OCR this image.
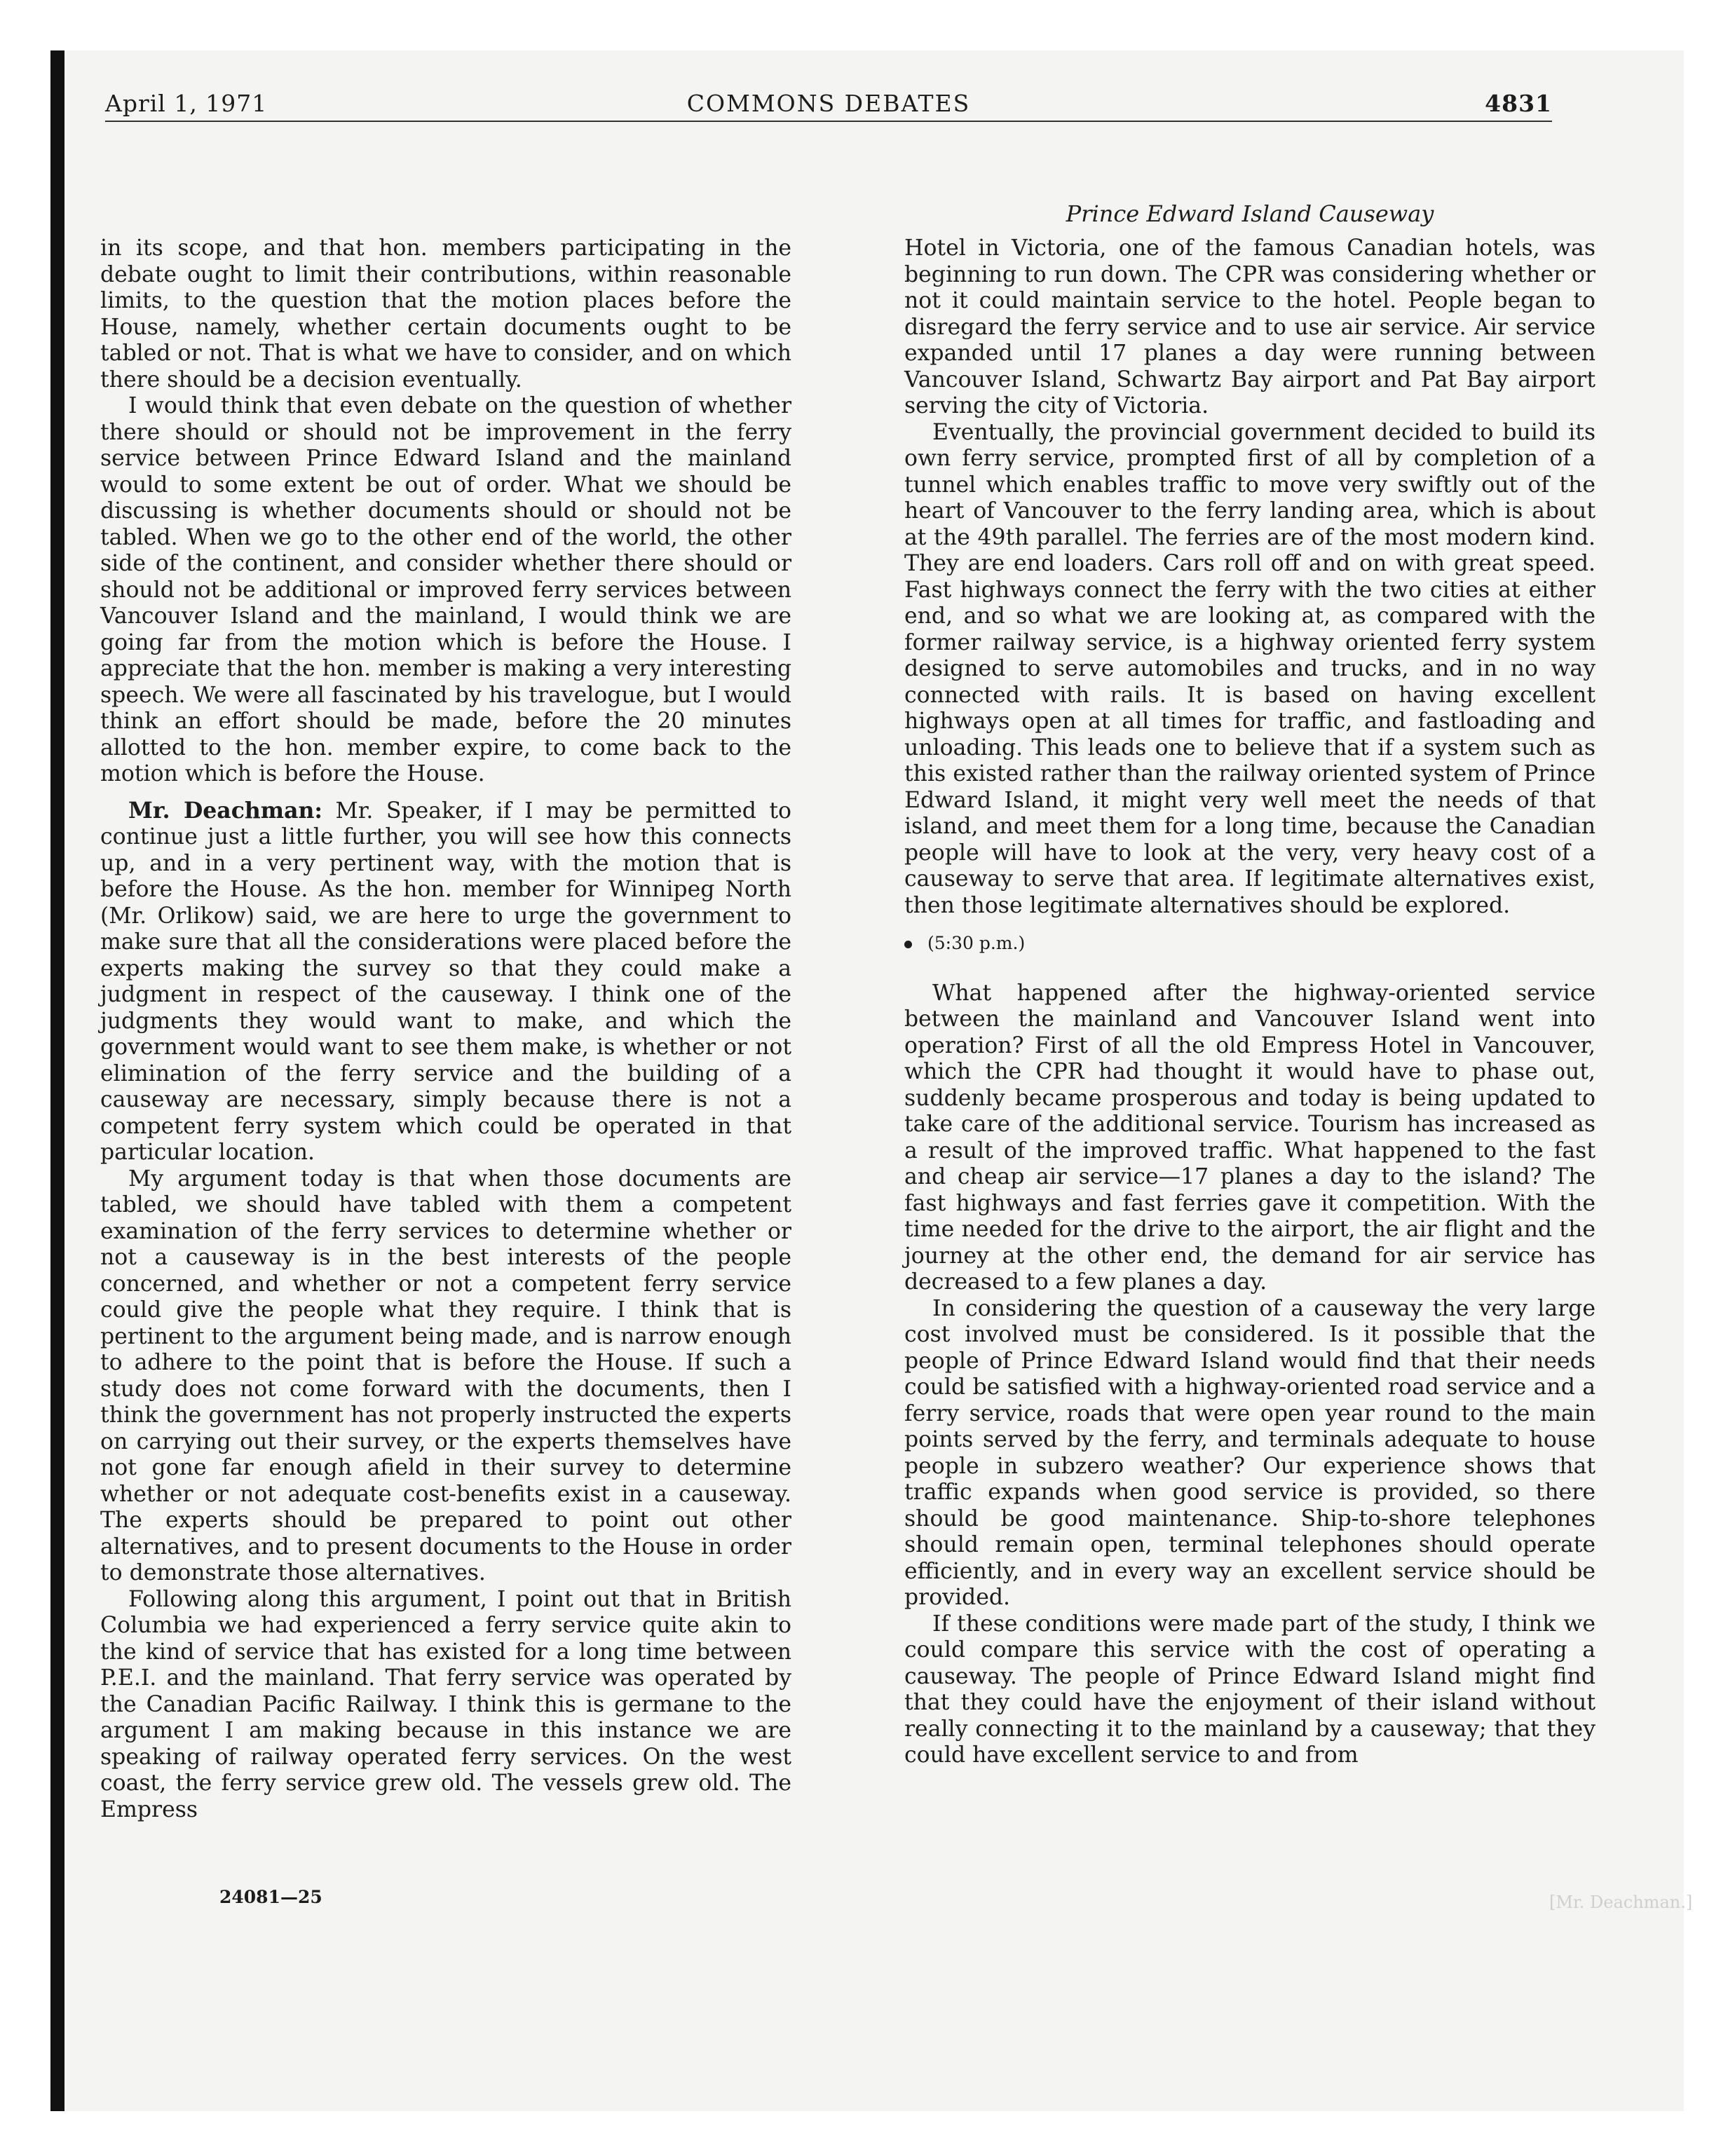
April 1, 1971	COMMONS DEBATES	4831
Prince Edward Island Causeway

in its scope, and that hon. members participating in the debate ought to limit their contributions, within reasonable limits, to the question that the motion places before the House, namely, whether certain documents ought to be tabled or not. That is what we have to consider, and on which there should be a decision eventually.

I would think that even debate on the question of whether there should or should not be improvement in the ferry service between Prince Edward Island and the mainland would to some extent be out of order. What we should be discussing is whether documents should or should not be tabled. When we go to the other end of the world, the other side of the continent, and consider whether there should or should not be additional or improved ferry services between Vancouver Island and the mainland, I would think we are going far from the motion which is before the House. I appreciate that the hon. member is making a very interesting speech. We were all fascinated by his travelogue, but I would think an effort should be made, before the 20 minutes allotted to the hon. member expire, to come back to the motion which is before the House.

Mr. Deachman: Mr. Speaker, if I may be permitted to continue just a little further, you will see how this connects up, and in a very pertinent way, with the motion that is before the House. As the hon. member for Winnipeg North (Mr. Orlikow) said, we are here to urge the government to make sure that all the considerations were placed before the experts making the survey so that they could make a judgment in respect of the causeway. I think one of the judgments they would want to make, and which the government would want to see them make, is whether or not elimination of the ferry service and the building of a causeway are necessary, simply because there is not a competent ferry system which could be operated in that particular location.

My argument today is that when those documents are tabled, we should have tabled with them a competent examination of the ferry services to determine whether or not a causeway is in the best interests of the people concerned, and whether or not a competent ferry service could give the people what they require. I think that is pertinent to the argument being made, and is narrow enough to adhere to the point that is before the House. If such a study does not come forward with the documents, then I think the government has not properly instructed the experts on carrying out their survey, or the experts themselves have not gone far enough afield in their survey to determine whether or not adequate cost-benefits exist in a causeway. The experts should be prepared to point out other alternatives, and to present documents to the House in order to demonstrate those alternatives.

Following along this argument, I point out that in British Columbia we had experienced a ferry service quite akin to the kind of service that has existed for a long time between P.E.I. and the mainland. That ferry service was operated by the Canadian Pacific Railway. I think this is germane to the argument I am making because in this instance we are speaking of railway operated ferry services. On the west coast, the ferry service grew old. The vessels grew old. The Empress

Hotel in Victoria, one of the famous Canadian hotels, was beginning to run down. The CPR was considering whether or not it could maintain service to the hotel. People began to disregard the ferry service and to use air service. Air service expanded until 17 planes a day were running between Vancouver Island, Schwartz Bay airport and Pat Bay airport serving the city of Victoria.

Eventually, the provincial government decided to build its own ferry service, prompted first of all by completion of a tunnel which enables traffic to move very swiftly out of the heart of Vancouver to the ferry landing area, which is about at the 49th parallel. The ferries are of the most modern kind. They are end loaders. Cars roll off and on with great speed. Fast highways connect the ferry with the two cities at either end, and so what we are looking at, as compared with the former railway service, is a highway oriented ferry system designed to serve automobiles and trucks, and in no way connected with rails. It is based on having excellent highways open at all times for traffic, and fastloading and unloading. This leads one to believe that if a system such as this existed rather than the railway oriented system of Prince Edward Island, it might very well meet the needs of that island, and meet them for a long time, because the Canadian people will have to look at the very, very heavy cost of a causeway to serve that area. If legitimate alternatives exist, then those legitimate alternatives should be explored.

(5:30 p.m.)

What happened after the highway-oriented service between the mainland and Vancouver Island went into operation? First of all the old Empress Hotel in Vancouver, which the CPR had thought it would have to phase out, suddenly became prosperous and today is being updated to take care of the additional service. Tourism has increased as a result of the improved traffic. What happened to the fast and cheap air service—17 planes a day to the island? The fast highways and fast ferries gave it competition. With the time needed for the drive to the airport, the air flight and the journey at the other end, the demand for air service has decreased to a few planes a day.

In considering the question of a causeway the very large cost involved must be considered. Is it possible that the people of Prince Edward Island would find that their needs could be satisfied with a highway-oriented road service and a ferry service, roads that were open year round to the main points served by the ferry, and terminals adequate to house people in subzero weather? Our experience shows that traffic expands when good service is provided, so there should be good maintenance. Ship-to-shore telephones should remain open, terminal telephones should operate efficiently, and in every way an excellent service should be provided.

If these conditions were made part of the study, I think we could compare this service with the cost of operating a causeway. The people of Prince Edward Island might find that they could have the enjoyment of their island without really connecting it to the mainland by a causeway; that they could have excellent service to and from

24081—25	[Mr. Deachman.]
